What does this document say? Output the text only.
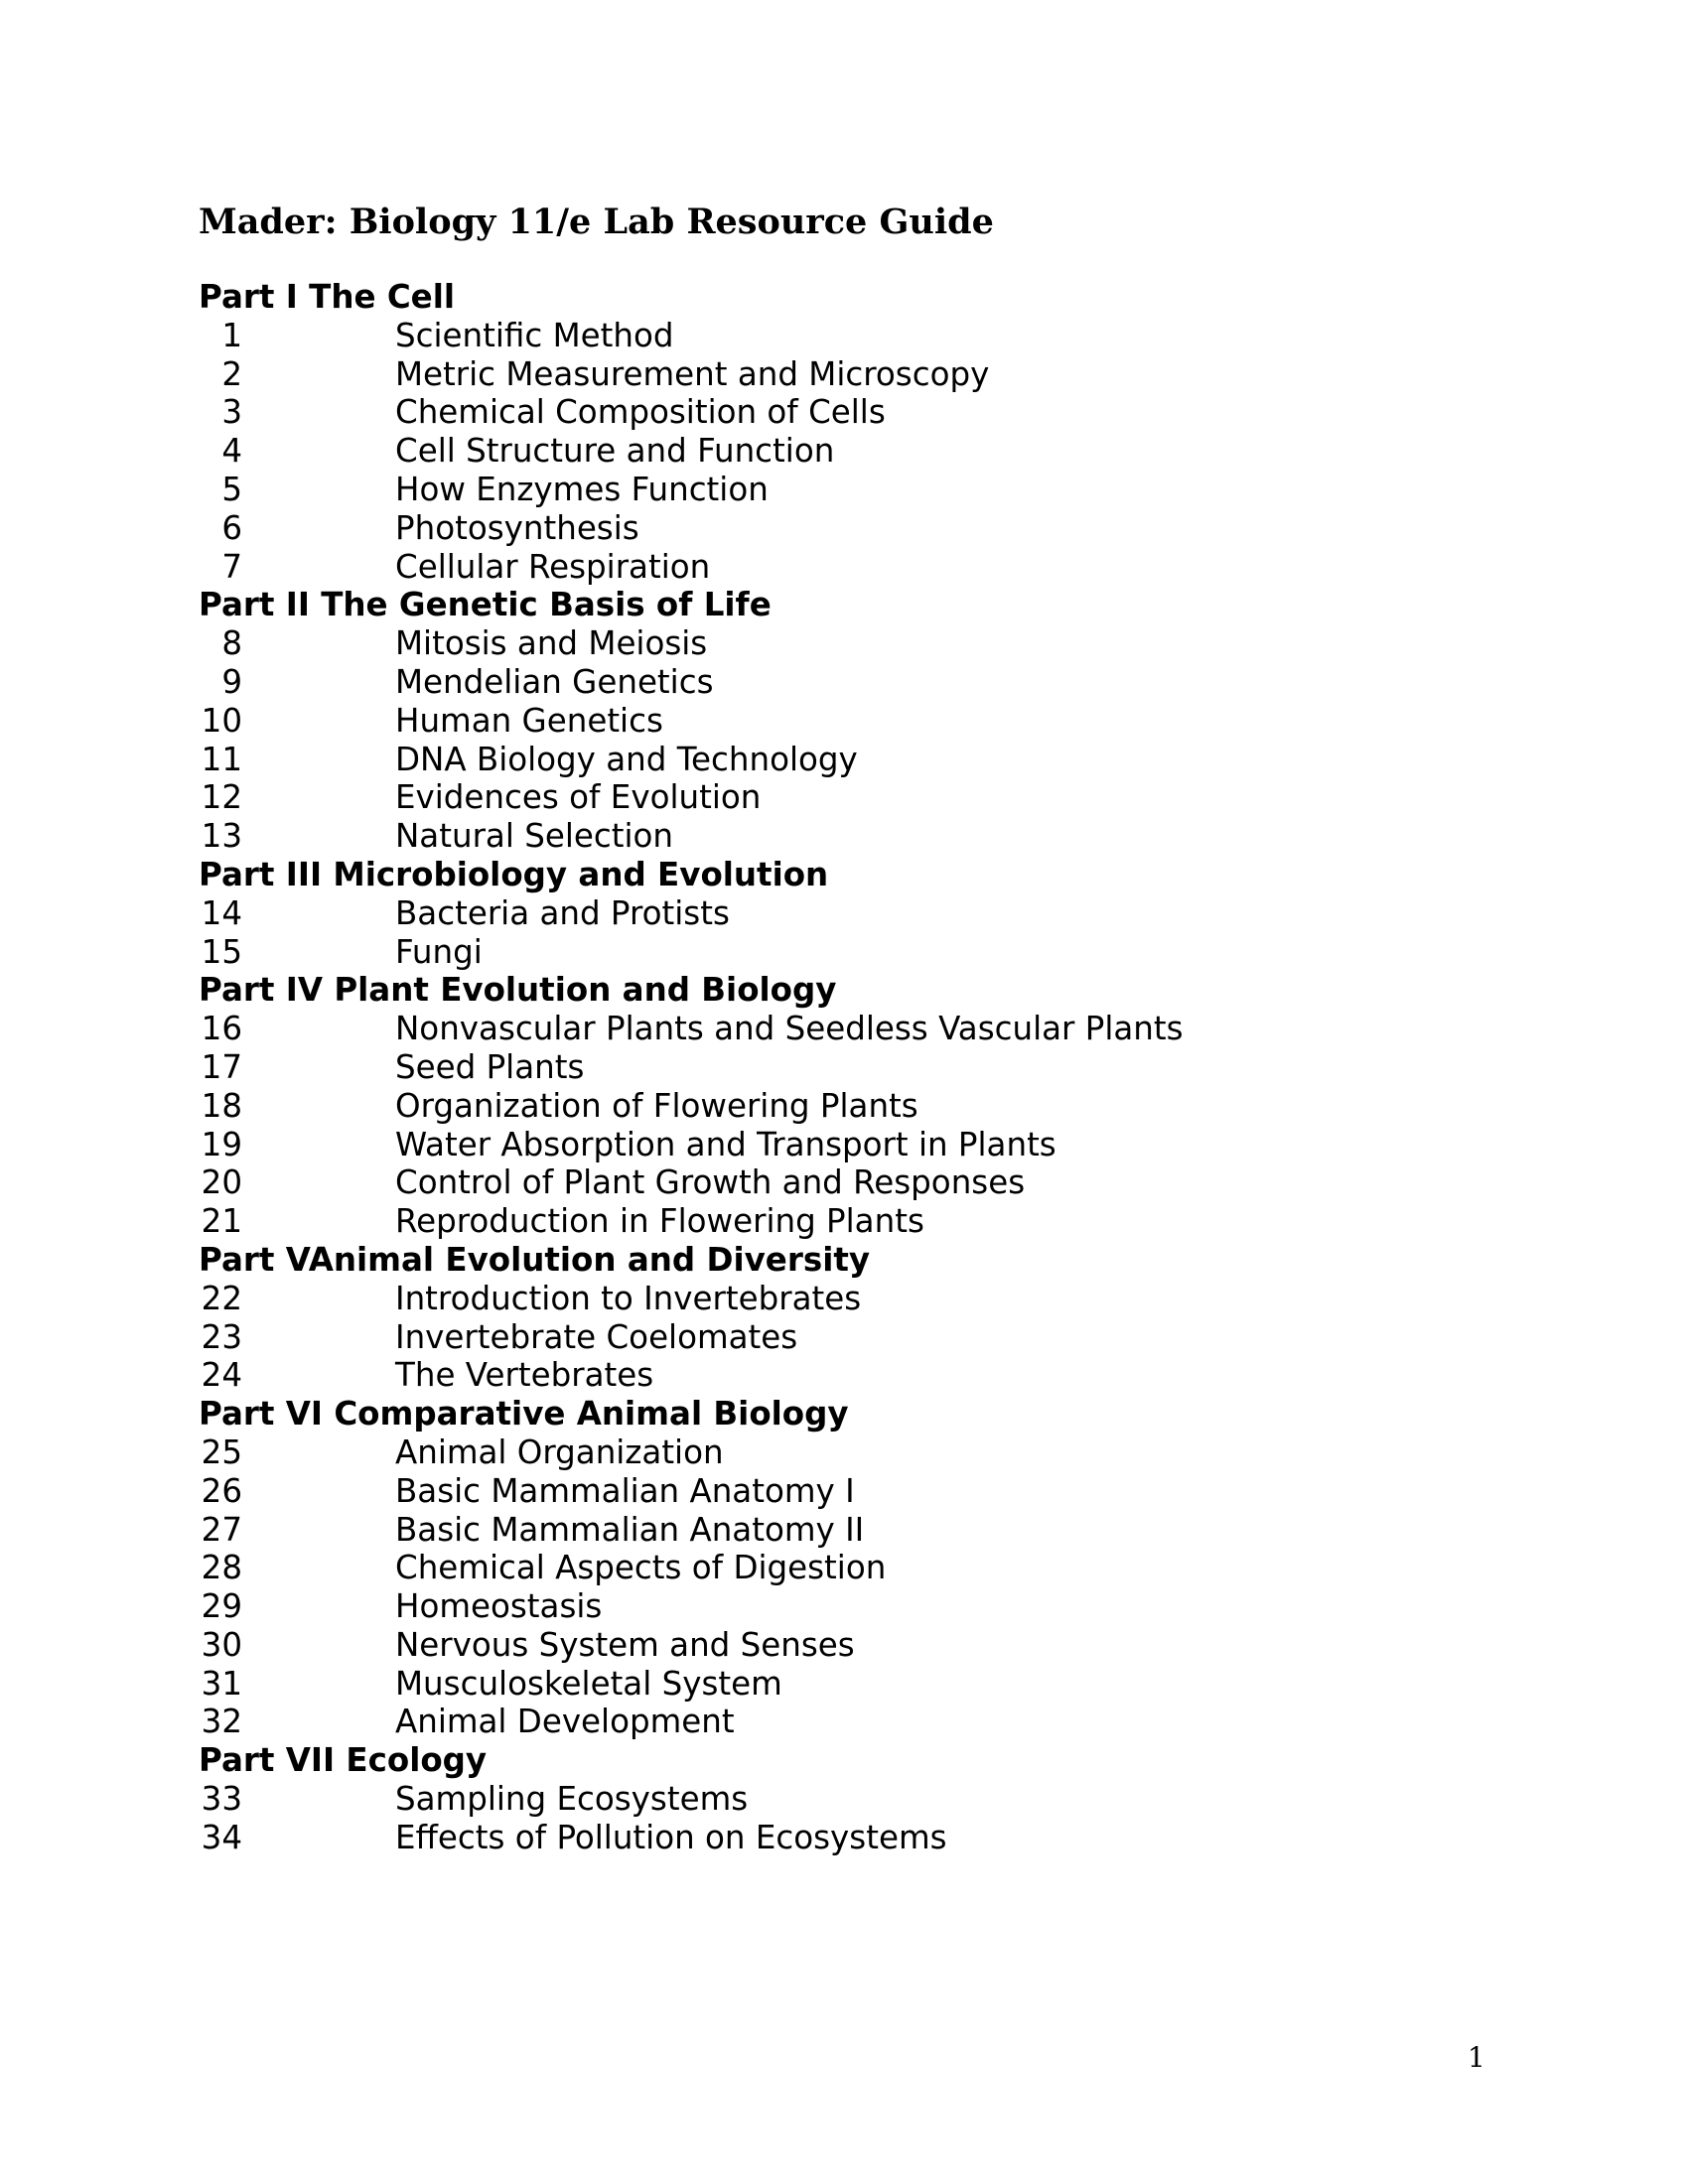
Mader: Biology 11/e Lab Resource Guide
Part I The Cell
1	Scientific Method
2	Metric Measurement and Microscopy
3	Chemical Composition of Cells
4	Cell Structure and Function
5	How Enzymes Function
6	Photosynthesis
7	Cellular Respiration
Part II The Genetic Basis of Life
8	Mitosis and Meiosis
9	Mendelian Genetics
10	Human Genetics
11	DNA Biology and Technology
12	Evidences of Evolution
13	Natural Selection
Part III Microbiology and Evolution
14	Bacteria and Protists
15	Fungi
Part IV Plant Evolution and Biology
16	Nonvascular Plants and Seedless Vascular Plants
17	Seed Plants
18	Organization of Flowering Plants
19	Water Absorption and Transport in Plants
20	Control of Plant Growth and Responses
21	Reproduction in Flowering Plants
Part VAnimal Evolution and Diversity
22	Introduction to Invertebrates
23	Invertebrate Coelomates
24	The Vertebrates
Part VI Comparative Animal Biology
25	Animal Organization
26	Basic Mammalian Anatomy I
27	Basic Mammalian Anatomy II
28	Chemical Aspects of Digestion
29	Homeostasis
30	Nervous System and Senses
31	Musculoskeletal System
32	Animal Development
Part VII Ecology
33	Sampling Ecosystems
34	Effects of Pollution on Ecosystems
1
